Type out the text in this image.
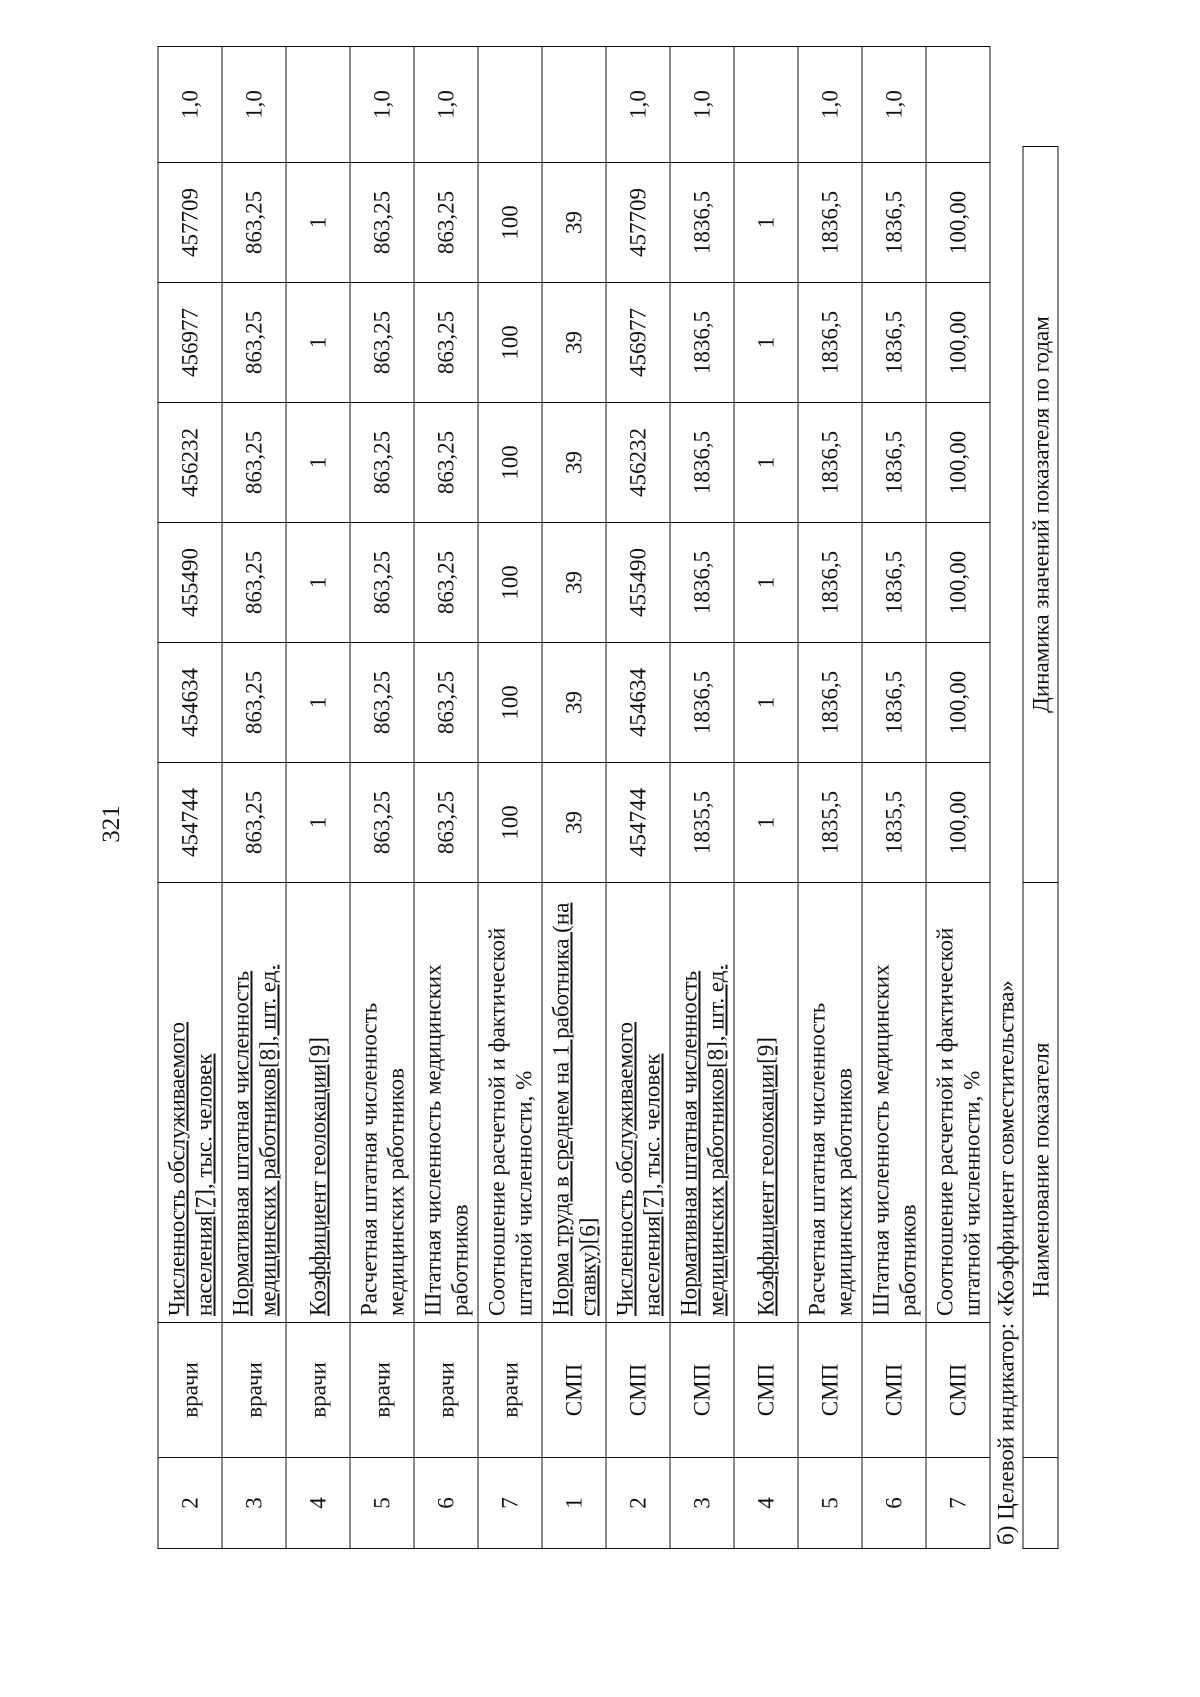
321
2	врачи	Численность обслуживаемого населения[7], тыс. человек	454744	454634	455490	456232	456977	457709	1,0
3	врачи	Нормативная штатная численность медицинских работников[8], шт. ед.	863,25	863,25	863,25	863,25	863,25	863,25	1,0
4	врачи	Коэффициент геолокации[9]	1	1	1	1	1	1	
5	врачи	Расчетная штатная численность медицинских работников	863,25	863,25	863,25	863,25	863,25	863,25	1,0
6	врачи	Штатная численность медицинских работников	863,25	863,25	863,25	863,25	863,25	863,25	1,0
7	врачи	Соотношение расчетной и фактической штатной численности, %	100	100	100	100	100	100	
1	СМП	Норма труда в среднем на 1 работника (на ставку)[6]	39	39	39	39	39	39	
2	СМП	Численность обслуживаемого населения[7], тыс. человек	454744	454634	455490	456232	456977	457709	1,0
3	СМП	Нормативная штатная численность медицинских работников[8], шт. ед.	1835,5	1836,5	1836,5	1836,5	1836,5	1836,5	1,0
4	СМП	Коэффициент геолокации[9]	1	1	1	1	1	1	
5	СМП	Расчетная штатная численность медицинских работников	1835,5	1836,5	1836,5	1836,5	1836,5	1836,5	1,0
6	СМП	Штатная численность медицинских работников	1835,5	1836,5	1836,5	1836,5	1836,5	1836,5	1,0
7	СМП	Соотношение расчетной и фактической штатной численности, %	100,00	100,00	100,00	100,00	100,00	100,00	
б) Целевой индикатор: «Коэффициент совместительства»
	Наименование показателя	Динамика значений показателя по годам
